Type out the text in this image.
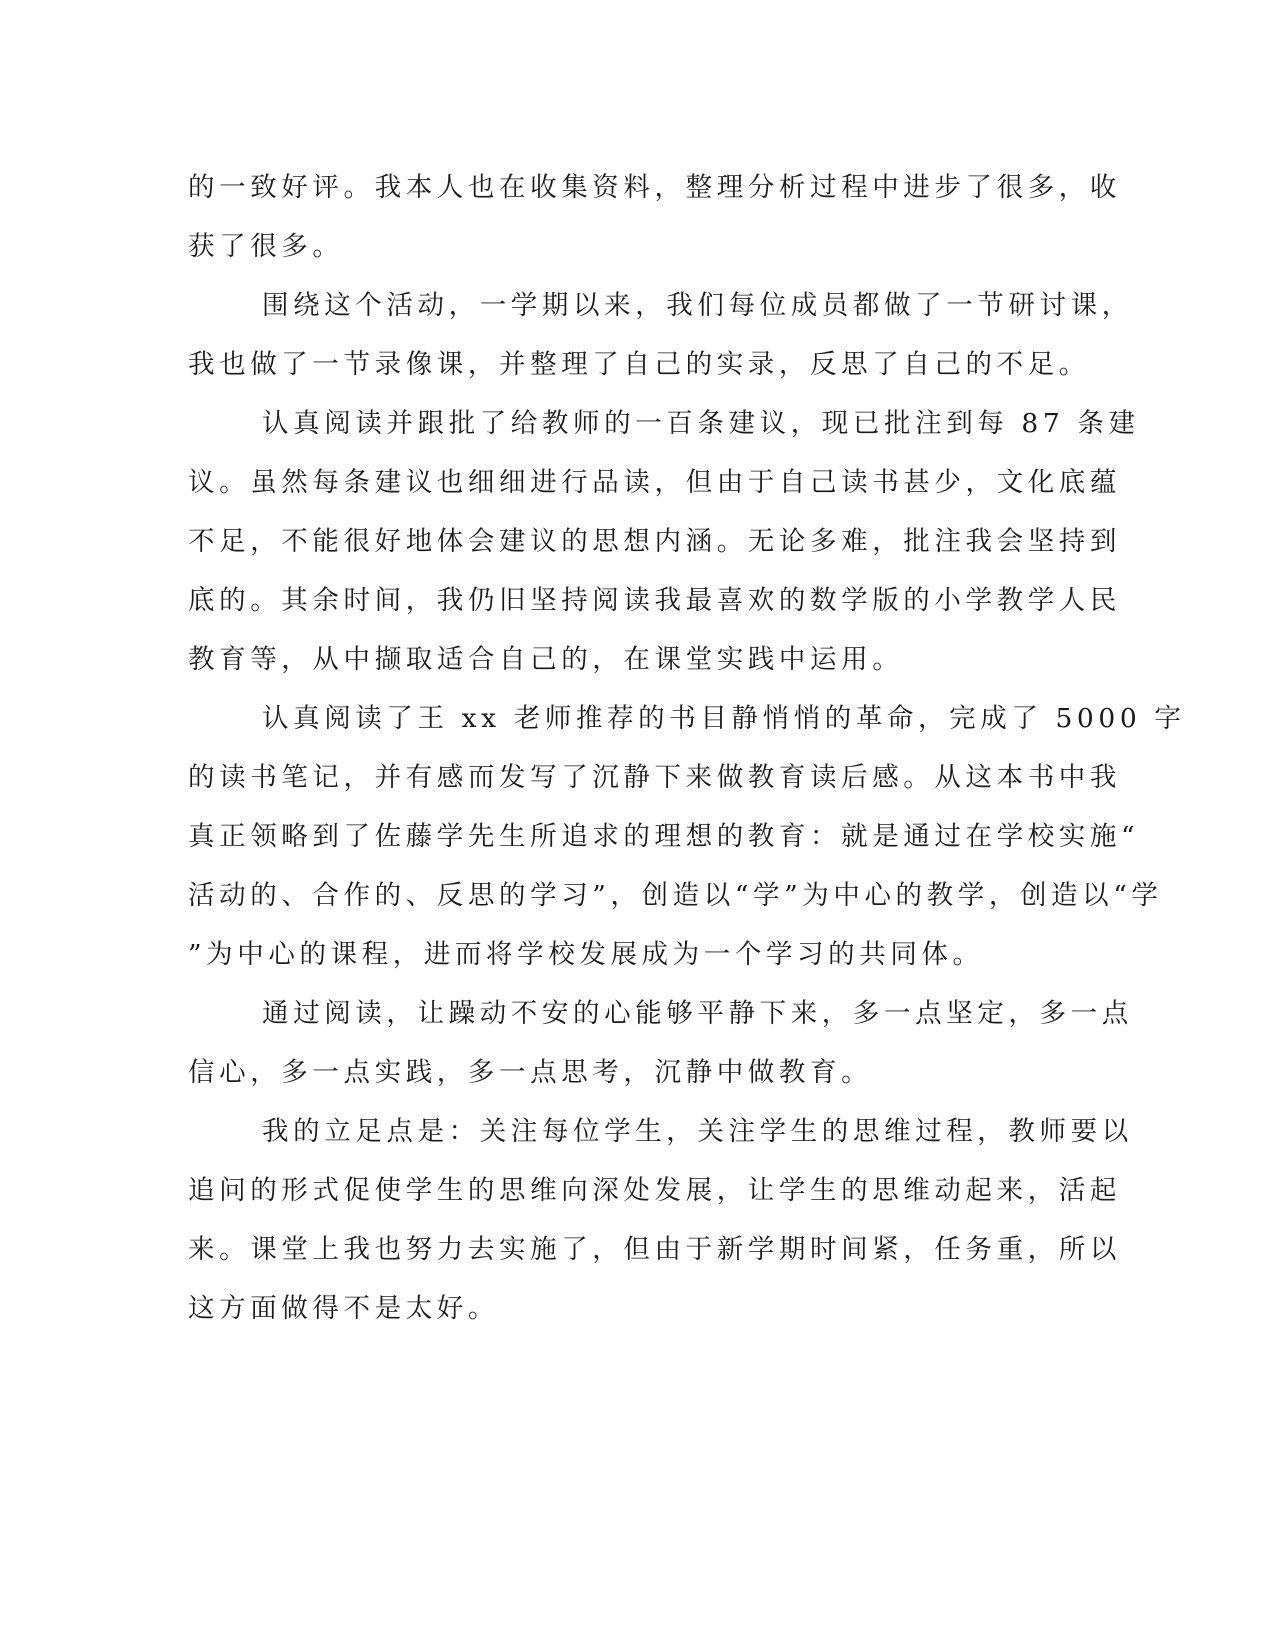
的一致好评。我本人也在收集资料，整理分析过程中进步了很多，收
获了很多。
围绕这个活动，一学期以来，我们每位成员都做了一节研讨课，
我也做了一节录像课，并整理了自己的实录，反思了自己的不足。
认真阅读并跟批了给教师的一百条建议，现已批注到每 87 条建
议。虽然每条建议也细细进行品读，但由于自己读书甚少，文化底蕴
不足，不能很好地体会建议的思想内涵。无论多难，批注我会坚持到
底的。其余时间，我仍旧坚持阅读我最喜欢的数学版的小学教学人民
教育等，从中撷取适合自己的，在课堂实践中运用。
认真阅读了王 xx 老师推荐的书目静悄悄的革命，完成了 5000 字
的读书笔记，并有感而发写了沉静下来做教育读后感。从这本书中我
真正领略到了佐藤学先生所追求的理想的教育：就是通过在学校实施“
活动的、合作的、反思的学习”，创造以“学”为中心的教学，创造以“学
”为中心的课程，进而将学校发展成为一个学习的共同体。
通过阅读，让躁动不安的心能够平静下来，多一点坚定，多一点
信心，多一点实践，多一点思考，沉静中做教育。
我的立足点是：关注每位学生，关注学生的思维过程，教师要以
追问的形式促使学生的思维向深处发展，让学生的思维动起来，活起
来。课堂上我也努力去实施了，但由于新学期时间紧，任务重，所以
这方面做得不是太好。
